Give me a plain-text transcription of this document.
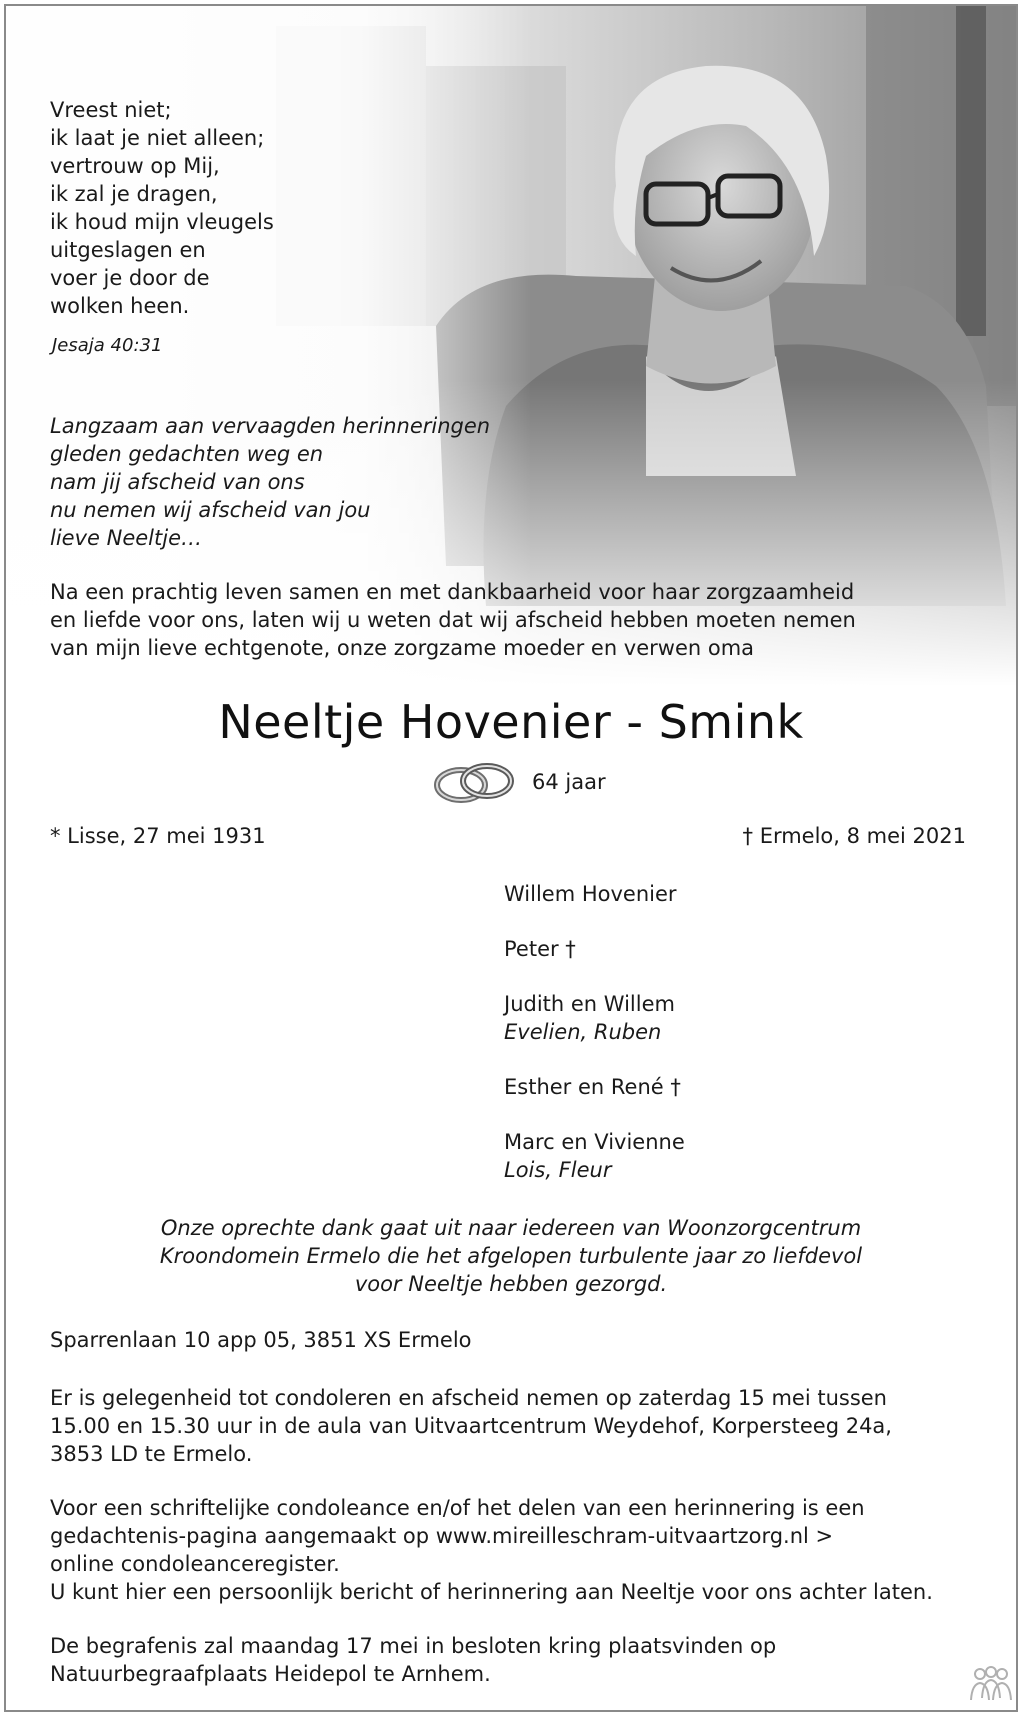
Vreest niet;
ik laat je niet alleen;
vertrouw op Mij,
ik zal je dragen,
ik houd mijn vleugels
uitgeslagen en
voer je door de
wolken heen.
Jesaja 40:31
Langzaam aan vervaagden herinneringen
gleden gedachten weg en
nam jij afscheid van ons
nu nemen wij afscheid van jou
lieve Neeltje…
Na een prachtig leven samen en met dankbaarheid voor haar zorgzaamheid
en liefde voor ons, laten wij u weten dat wij afscheid hebben moeten nemen
van mijn lieve echtgenote, onze zorgzame moeder en verwen oma
Neeltje Hovenier - Smink
64 jaar
* Lisse, 27 mei 1931	† Ermelo, 8 mei 2021
Willem Hovenier
Peter †
Judith en Willem
Evelien, Ruben
Esther en René †
Marc en Vivienne
Lois, Fleur
Onze oprechte dank gaat uit naar iedereen van Woonzorgcentrum
Kroondomein Ermelo die het afgelopen turbulente jaar zo liefdevol
voor Neeltje hebben gezorgd.
Sparrenlaan 10 app 05, 3851 XS Ermelo
Er is gelegenheid tot condoleren en afscheid nemen op zaterdag 15 mei tussen
15.00 en 15.30 uur in de aula van Uitvaartcentrum Weydehof, Korpersteeg 24a,
3853 LD te Ermelo.
Voor een schriftelijke condoleance en/of het delen van een herinnering is een
gedachtenis-pagina aangemaakt op www.mireilleschram-uitvaartzorg.nl >
online condoleanceregister.
U kunt hier een persoonlijk bericht of herinnering aan Neeltje voor ons achter laten.
De begrafenis zal maandag 17 mei in besloten kring plaatsvinden op
Natuurbegraafplaats Heidepol te Arnhem.
